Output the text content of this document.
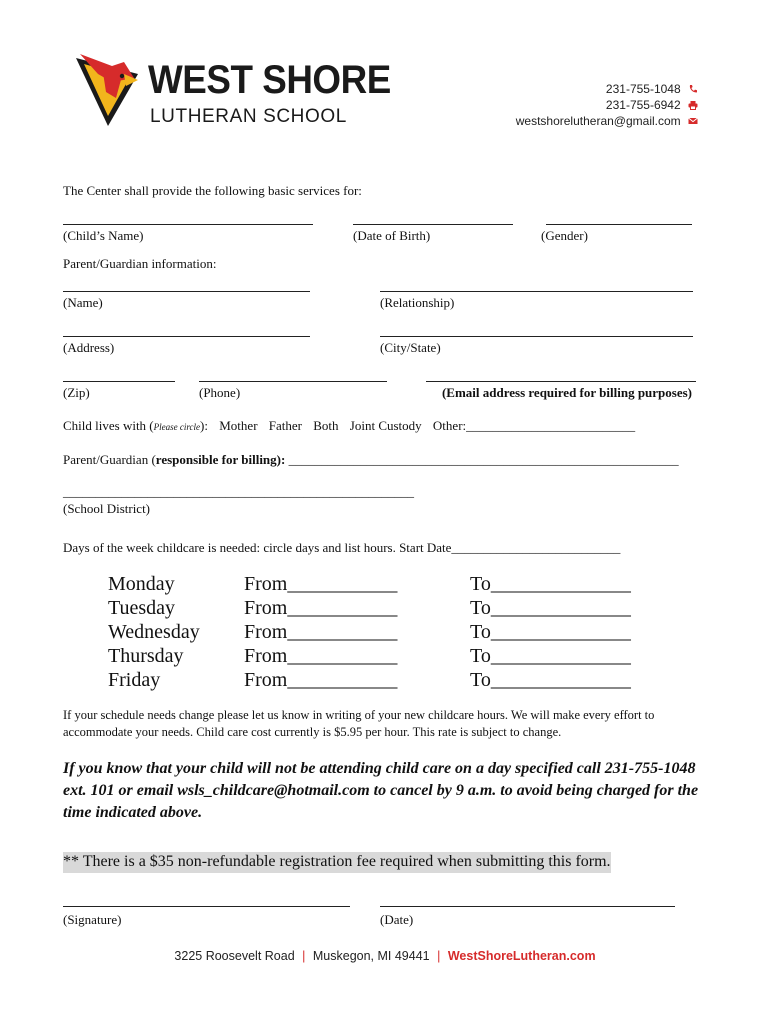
WEST SHORE
LUTHERAN SCHOOL
231-755-1048
231-755-6942
westshorelutheran@gmail.com
The Center shall provide the following basic services for:
(Child’s Name)	(Date of Birth)	(Gender)
Parent/Guardian information:
(Name)	(Relationship)
(Address)	(City/State)
(Zip)	(Phone)	(Email address required for billing purposes)
Child lives with (Please circle): Mother Father Both Joint Custody Other:__________________________
Parent/Guardian (responsible for billing): ____________________________________________________________
______________________________________________________
(School District)
Days of the week childcare is needed: circle days and list hours. Start Date__________________________
Monday	From___________	To______________
Tuesday	From___________	To______________
Wednesday From___________	To______________
Thursday	From___________	To______________
Friday	From___________	To______________
If your schedule needs change please let us know in writing of your new childcare hours. We will make every effort to accommodate your needs. Child care cost currently is $5.95 per hour. This rate is subject to change.
If you know that your child will not be attending child care on a day specified call 231-755-1048 ext. 101 or email wsls_childcare@hotmail.com to cancel by 9 a.m. to avoid being charged for the time indicated above.
** There is a $35 non-refundable registration fee required when submitting this form.
(Signature)	(Date)
3225 Roosevelt Road | Muskegon, MI 49441 | WestShoreLutheran.com
